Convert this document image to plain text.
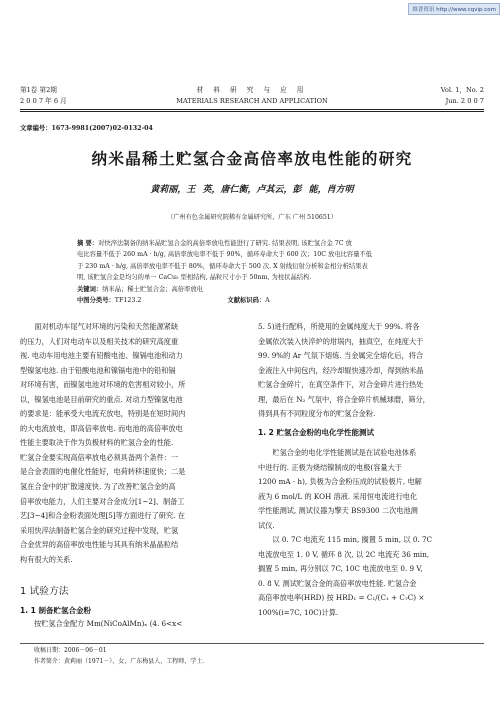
维普资讯 http://www.cqvip.com
第1卷 第2期
2 0 0 7 年 6 月
材 料 研 究 与 应 用
MATERIALS RESEARCH AND APPLICATION
Vol. 1，No. 2
Jun. 2 0 0 7
文章编号：1673-9981(2007)02-0132-04
纳米晶稀土贮氢合金高倍率放电性能的研究
黄莉丽，王 英，唐仁衡，卢其云，彭 能，肖方明
（广州有色金属研究院稀有金属研究所，广东 广州 510651）
摘 要：对快淬法制备的纳米晶贮氢合金的高倍率放电性能进行了研究. 结果表明, 该贮氢合金 7C 放
电比容量不低于 260 mA · h/g, 高倍率放电率不低于 90%，循环寿命大于 600 次；10C 放电比容量不低
于 230 mA · h/g, 高倍率放电率不低于 80%，循环寿命大于 500 次. X 射线衍射分析和金相分析结果表
明, 该贮氢合金是均匀的单一 CaCu₅ 型相结构, 晶粒尺寸小于 50nm, 为柱状晶结构.
关键词：纳米晶；稀土贮氢合金；高倍率放电
中图分类号：TF123.2	文献标识码：A
面对机动车尾气对环境的污染和天然能源紧缺
的压力，人们对电动车以及相关技术的研究高度重
视. 电动车用电池主要有铅酸电池、镍镉电池和动力
型镍氢电池. 由于铅酸电池和镍镉电池中的铅和镉
对环境有害，而镍氢电池对环境的危害相对较小，所
以，镍氢电池是目前研究的重点. 对动力型镍氢电池
的要求是：能承受大电流充放电，特别是在短时间内
的大电流放电，即高倍率放电. 而电池的高倍率放电
性能主要取决于作为负极材料的贮氢合金的性能.
贮氢合金要实现高倍率放电必须具备两个条件：一
是合金表面的电催化性能好，电荷转移速度快；二是
氢在合金中的扩散速度快. 为了改善贮氢合金的高
倍率放电能力，人们主要对合金成分[1~2]、制备工
艺[3~4]和合金粉表面处理[5]等方面进行了研究. 在
采用快淬法制备贮氢合金的研究过程中发现，贮氢
合金优异的高倍率放电性能与其具有纳米晶晶粒结
构有很大的关系.
1 试验方法
1. 1 制备贮氢合金粉
按贮氢合金配方 Mm(NiCoAlMn)ₓ (4. 6<x<
5. 5)进行配料，所使用的金属纯度大于 99%. 将各
金属依次装入快淬炉的坩埚内，抽真空，在纯度大于
99. 9%的 Ar 气氛下熔炼. 当金属完全熔化后，将合
金液注入中间包内，经冷却辊快速冷却，得到纳米晶
贮氢合金碎片，在真空条件下，对合金碎片进行热处
理，最后在 N₂ 气氛中，将合金碎片机械球磨，筛分，
得到具有不同粒度分布的贮氢合金粉.
1. 2 贮氢合金粉的电化学性能测试
贮氢合金的电化学性能测试是在试验电池体系
中进行的. 正极为烧结镍制成的电极(容量大于
1200 mA · h), 负极为合金粉压成的试验极片, 电解
液为 6 mol/L 的 KOH 溶液. 采用恒电流进行电化
学性能测试, 测试仪器为擎天 BS9300 二次电池测
试仪.
以 0. 7C 电流充 115 min, 搁置 5 min, 以 0. 7C
电流放电至 1. 0 V, 循环 8 次, 以 2C 电流充 36 min,
搁置 5 min, 再分别以 7C, 10C 电流放电至 0. 9 V,
0. 8 V, 测试贮氢合金的高倍率放电性能. 贮氢合金
高倍率放电率(HRD) 按 HRD₁ = C₁/(C₁ + C₇C) ×
100%(i=7C, 10C)计算.
收稿日期：2006－06－01
作者简介：黄莉丽（1971－），女，广东梅县人，工程师，学士.
